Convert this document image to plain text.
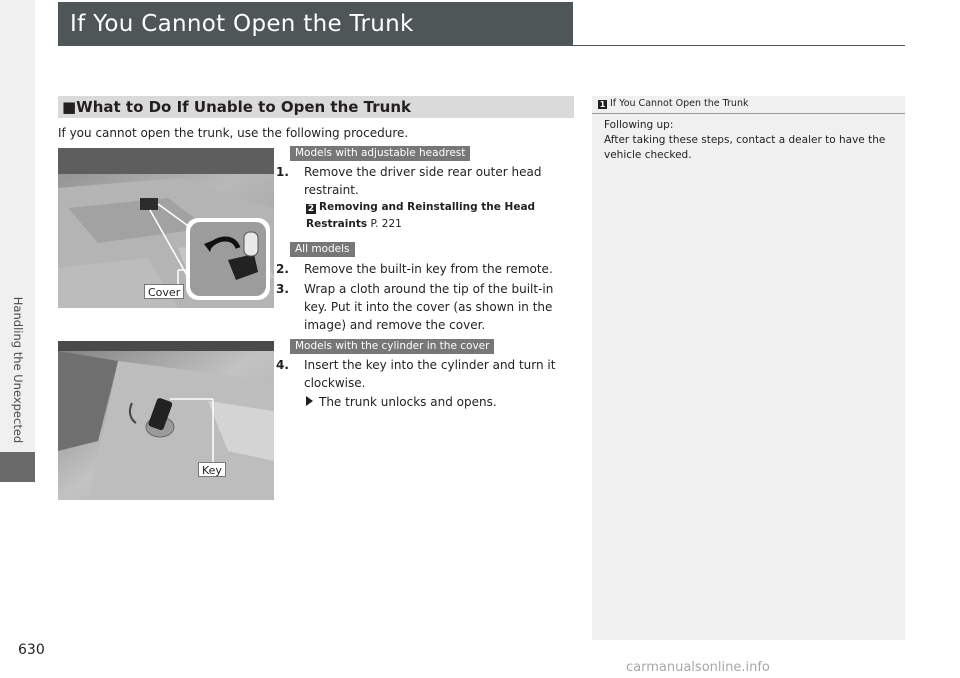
Handling the Unexpected
If You Cannot Open the Trunk
■What to Do If Unable to Open the Trunk
If you cannot open the trunk, use the following procedure.
Cover
Key
Models with adjustable headrest
All models
Models with the cylinder in the cover
1. Remove the driver side rear outer head restraint.
2 Removing and Reinstalling the Head Restraints P. 221
2. Remove the built-in key from the remote.
3. Wrap a cloth around the tip of the built-in key. Put it into the cover (as shown in the image) and remove the cover.
4. Insert the key into the cylinder and turn it clockwise.
The trunk unlocks and opens.
1 If You Cannot Open the Trunk
Following up:
After taking these steps, contact a dealer to have the vehicle checked.
630
carmanualsonline.info
